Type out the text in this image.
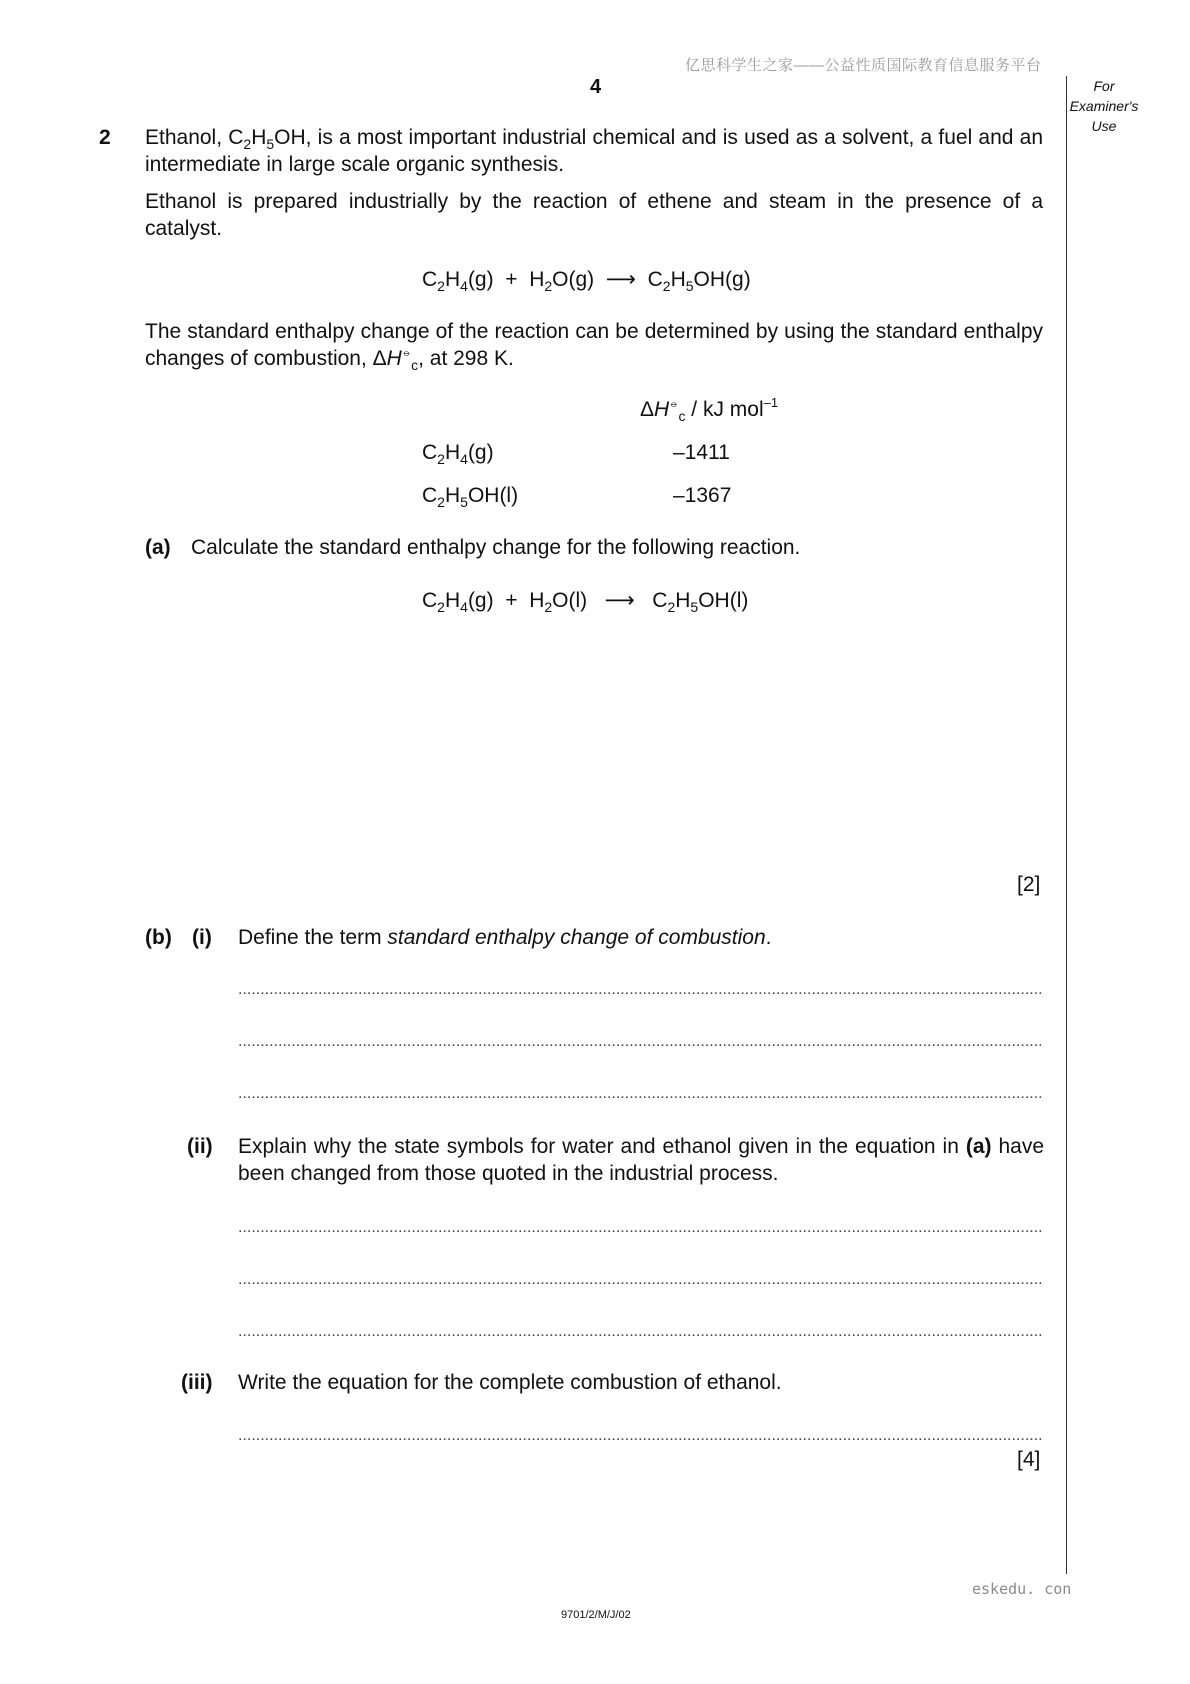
亿思科学生之家——公益性质国际教育信息服务平台
4	For
Examiner's
Use
2 Ethanol, $C_2H_5OH$, is a most important industrial chemical and is used as a solvent, a fuel and an intermediate in large scale organic synthesis.
Ethanol is prepared industrially by the reaction of ethene and steam in the presence of a catalyst.
$C_2H_4(g) + H_2O(g)$  ⟶  $C_2H_5OH(g)$
The standard enthalpy change of the reaction can be determined by using the standard enthalpy changes of combustion, $\Delta H^⦵_c$, at 298 K.
$\Delta H^⦵_c$ / kJ mol$^{-1}$
$C_2H_4(g)$	–1411
$C_2H_5OH(l)$	–1367
(a) Calculate the standard enthalpy change for the following reaction.
$C_2H_4(g) + H_2O(l)$   ⟶   $C_2H_5OH(l)$
[2]
(b) (i) Define the term standard enthalpy change of combustion.
.....
.....
.....
(ii) Explain why the state symbols for water and ethanol given in the equation in (a) have been changed from those quoted in the industrial process.
.....
.....
.....
(iii) Write the equation for the complete combustion of ethanol.
.....
[4]
eskedu. con
9701/2/M/J/02
